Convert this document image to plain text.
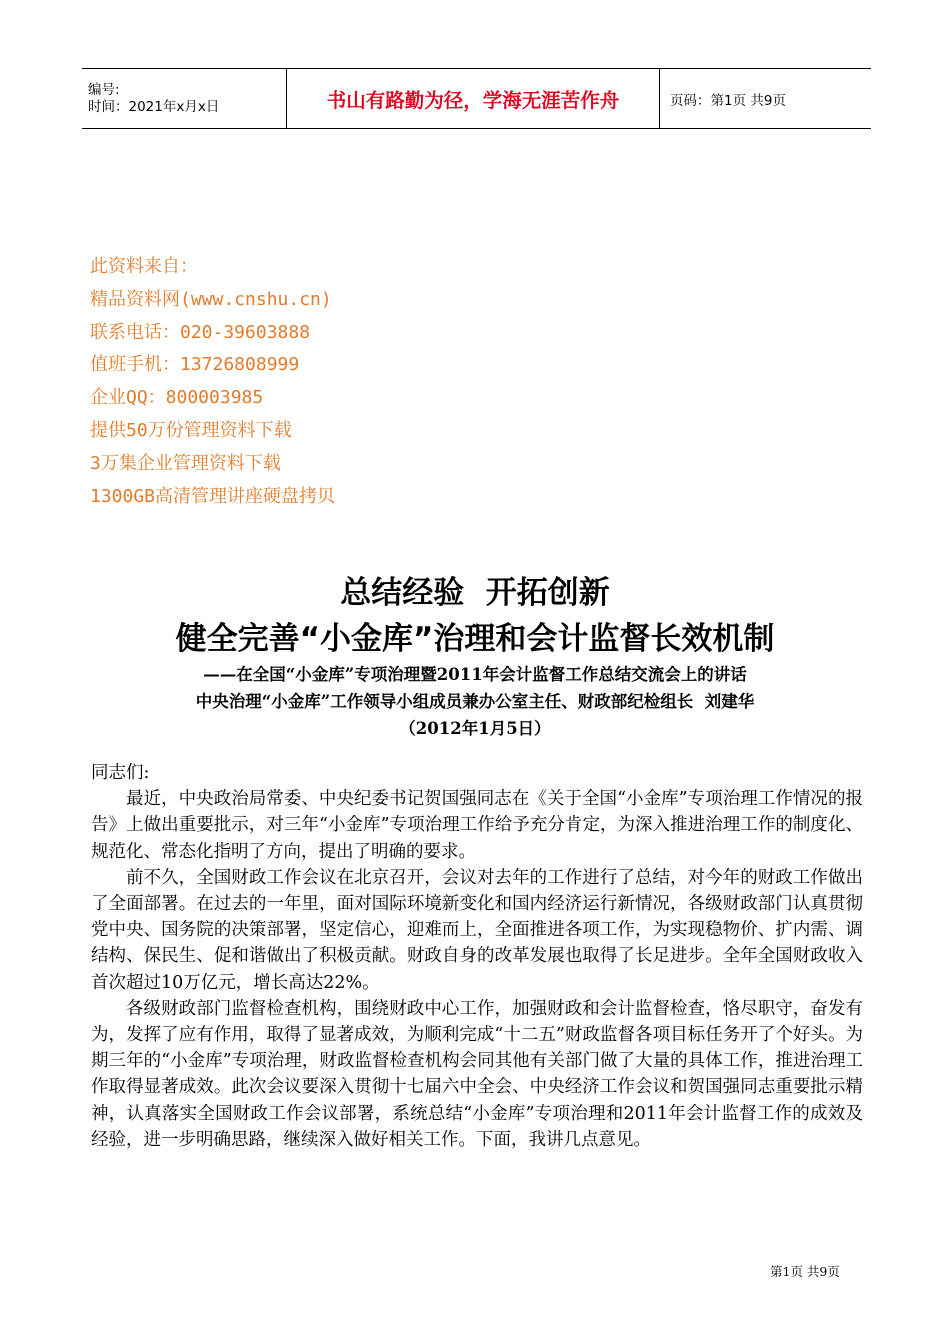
编号:
时间：2021年x月x日	书山有路勤为径，学海无涯苦作舟	页码：第1页 共9页
此资料来自：
精品资料网(www.cnshu.cn)
联系电话：020-39603888
值班手机：13726808999
企业QQ：800003985
提供50万份管理资料下载
3万集企业管理资料下载
1300GB高清管理讲座硬盘拷贝
总结经验  开拓创新
健全完善“小金库”治理和会计监督长效机制
——在全国“小金库”专项治理暨2011年会计监督工作总结交流会上的讲话
中央治理“小金库”工作领导小组成员兼办公室主任、财政部纪检组长  刘建华
（2012年1月5日）

同志们:

最近，中央政治局常委、中央纪委书记贺国强同志在《关于全国“小金库”专项治理工作情况的报告》上做出重要批示，对三年“小金库”专项治理工作给予充分肯定，为深入推进治理工作的制度化、规范化、常态化指明了方向，提出了明确的要求。

前不久，全国财政工作会议在北京召开，会议对去年的工作进行了总结，对今年的财政工作做出了全面部署。在过去的一年里，面对国际环境新变化和国内经济运行新情况，各级财政部门认真贯彻党中央、国务院的决策部署，坚定信心，迎难而上，全面推进各项工作，为实现稳物价、扩内需、调结构、保民生、促和谐做出了积极贡献。财政自身的改革发展也取得了长足进步。全年全国财政收入首次超过10万亿元，增长高达22%。

各级财政部门监督检查机构，围绕财政中心工作，加强财政和会计监督检查，恪尽职守，奋发有为，发挥了应有作用，取得了显著成效，为顺利完成“十二五”财政监督各项目标任务开了个好头。为期三年的“小金库”专项治理，财政监督检查机构会同其他有关部门做了大量的具体工作，推进治理工作取得显著成效。此次会议要深入贯彻十七届六中全会、中央经济工作会议和贺国强同志重要批示精神，认真落实全国财政工作会议部署，系统总结“小金库”专项治理和2011年会计监督工作的成效及经验，进一步明确思路，继续深入做好相关工作。下面，我讲几点意见。

第1页 共9页
